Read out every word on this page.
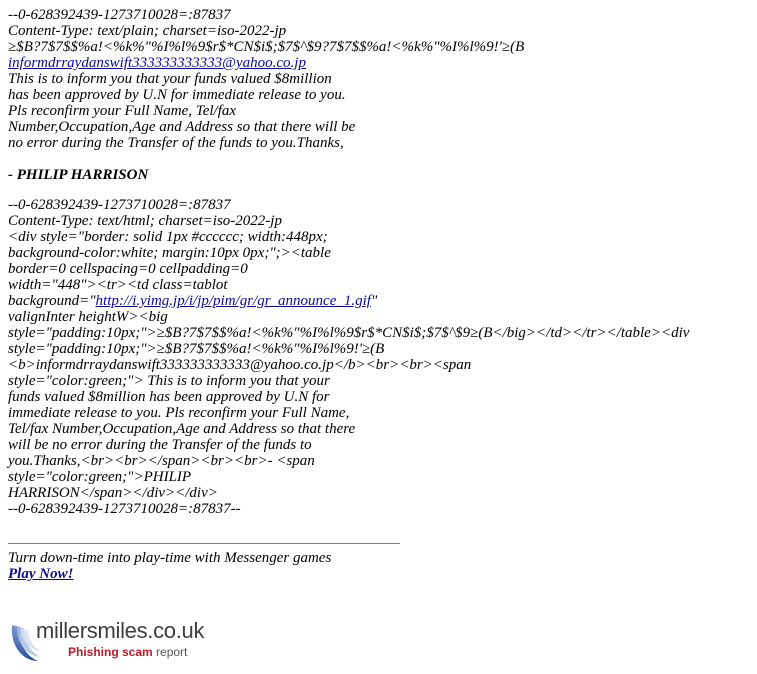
--0-628392439-1273710028=:87837
Content-Type: text/plain; charset=iso-2022-jp
≥$B?7$7$$%a!<%k%"%I%l%9$r$*CN$i$;$7$^$9?7$7$$%a!<%k%"%I%l%9!'≥(B
informdrraydanswift333333333333@yahoo.co.jp
This is to inform you that your funds valued $8million
has been approved by U.N for immediate release to you.
Pls reconfirm your Full Name, Tel/fax
Number,Occupation,Age and Address so that there will be
no error during the Transfer of the funds to you.Thanks,
- PHILIP HARRISON
--0-628392439-1273710028=:87837
Content-Type: text/html; charset=iso-2022-jp
<div style="border: solid 1px #cccccc; width:448px;
background-color:white; margin:10px 0px;";><table
border=0 cellspacing=0 cellpadding=0
width="448"><tr><td class=tablot
background="http://i.yimg.jp/i/jp/pim/gr/gr_announce_1.gif"
valignInter heightW><big
style="padding:10px;">≥$B?7$7$$%a!<%k%"%I%l%9$r$*CN$i$;$7$^$9≥(B</big></td></tr></table><div
style="padding:10px;">≥$B?7$7$$%a!<%k%"%I%l%9!'≥(B
<b>informdrraydanswift333333333333@yahoo.co.jp</b><br><br><span
style="color:green;"> This is to inform you that your
funds valued $8million has been approved by U.N for
immediate release to you. Pls reconfirm your Full Name,
Tel/fax Number,Occupation,Age and Address so that there
will be no error during the Transfer of the funds to
you.Thanks,<br><br></span><br><br>- <span
style="color:green;">PHILIP
HARRISON</span></div></div>
--0-628392439-1273710028=:87837--
Turn down-time into play-time with Messenger games
Play Now!
millersmiles.co.uk
Phishing scam report
